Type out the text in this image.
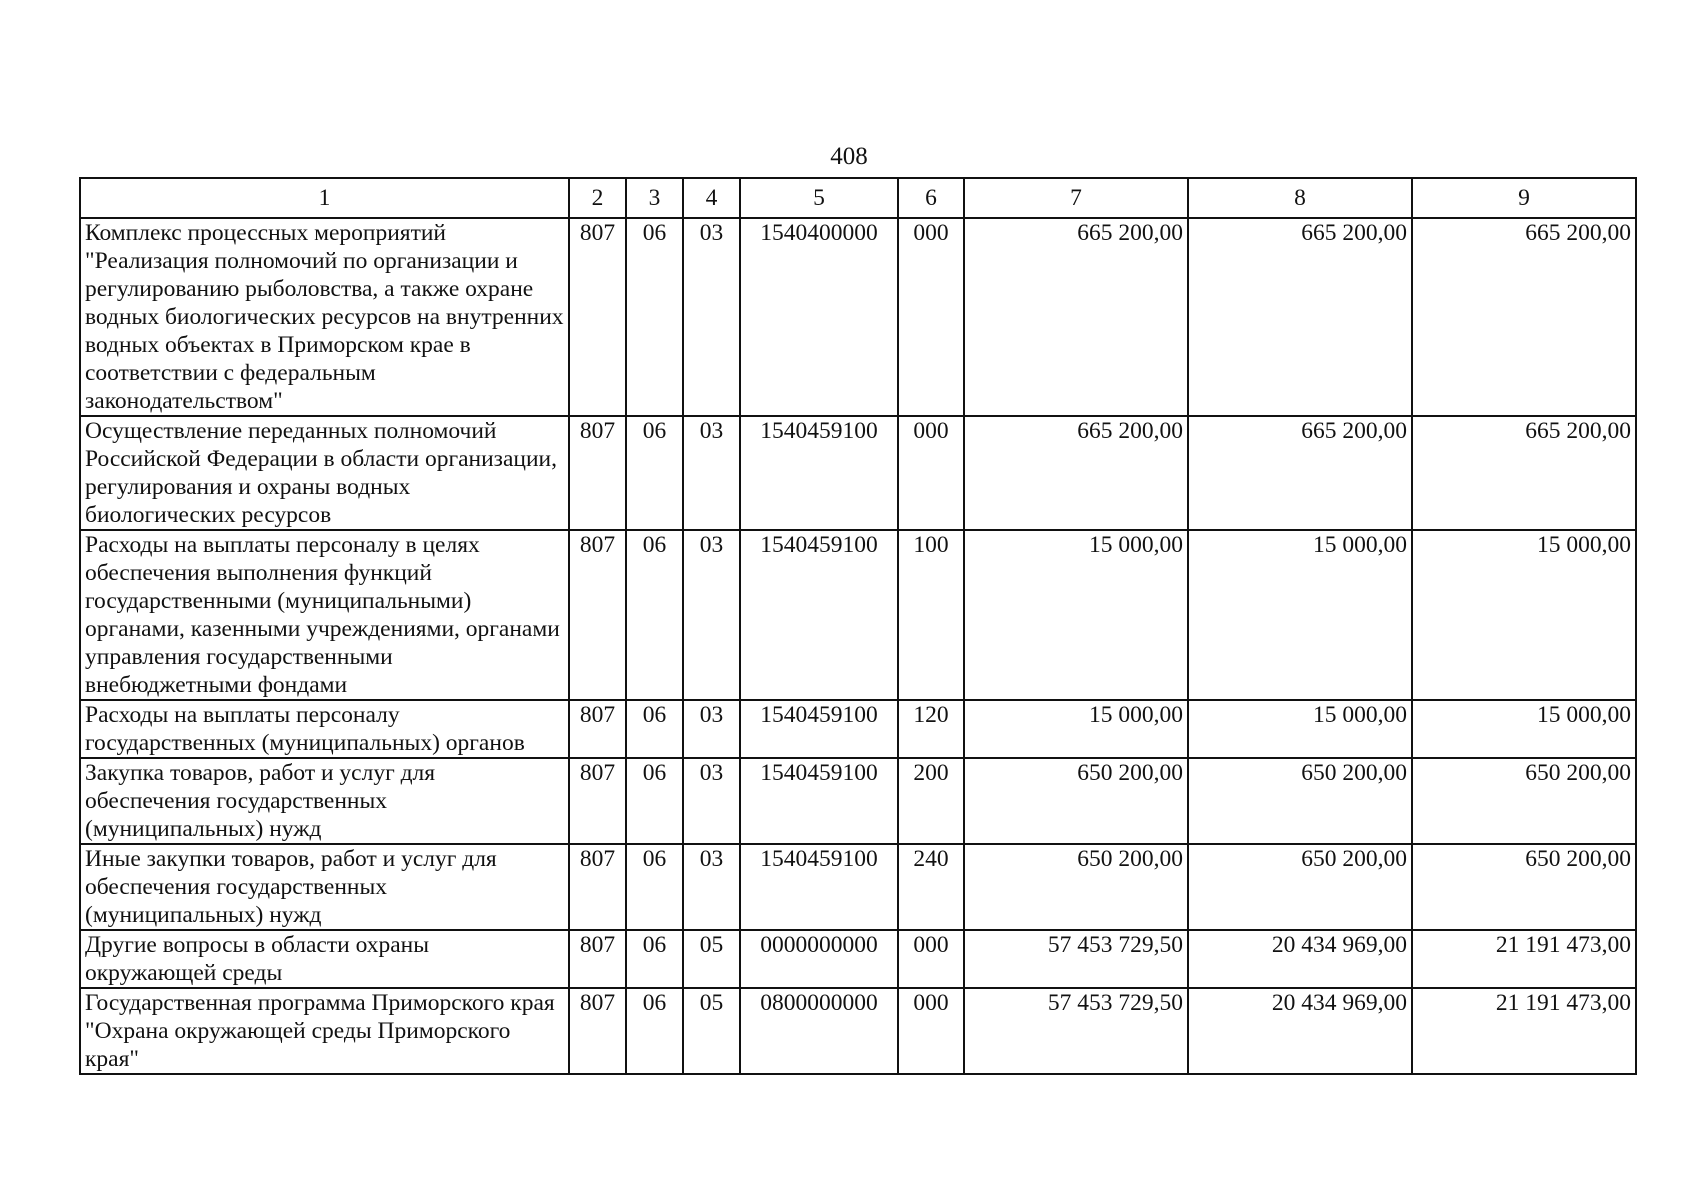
408
1	2	3	4	5	6	7	8	9
Комплекс процессных мероприятий "Реализация полномочий по организации и регулированию рыболовства, а также охране водных биологических ресурсов на внутренних водных объектах в Приморском крае в соответствии с федеральным законодательством"	807	06	03	1540400000	000	665 200,00	665 200,00	665 200,00
Осуществление переданных полномочий Российской Федерации в области организации, регулирования и охраны водных биологических ресурсов	807	06	03	1540459100	000	665 200,00	665 200,00	665 200,00
Расходы на выплаты персоналу в целях обеспечения выполнения функций государственными (муниципальными) органами, казенными учреждениями, органами управления государственными внебюджетными фондами	807	06	03	1540459100	100	15 000,00	15 000,00	15 000,00
Расходы на выплаты персоналу государственных (муниципальных) органов	807	06	03	1540459100	120	15 000,00	15 000,00	15 000,00
Закупка товаров, работ и услуг для обеспечения государственных (муниципальных) нужд	807	06	03	1540459100	200	650 200,00	650 200,00	650 200,00
Иные закупки товаров, работ и услуг для обеспечения государственных (муниципальных) нужд	807	06	03	1540459100	240	650 200,00	650 200,00	650 200,00
Другие вопросы в области охраны окружающей среды	807	06	05	0000000000	000	57 453 729,50	20 434 969,00	21 191 473,00
Государственная программа Приморского края "Охрана окружающей среды Приморского края"	807	06	05	0800000000	000	57 453 729,50	20 434 969,00	21 191 473,00
